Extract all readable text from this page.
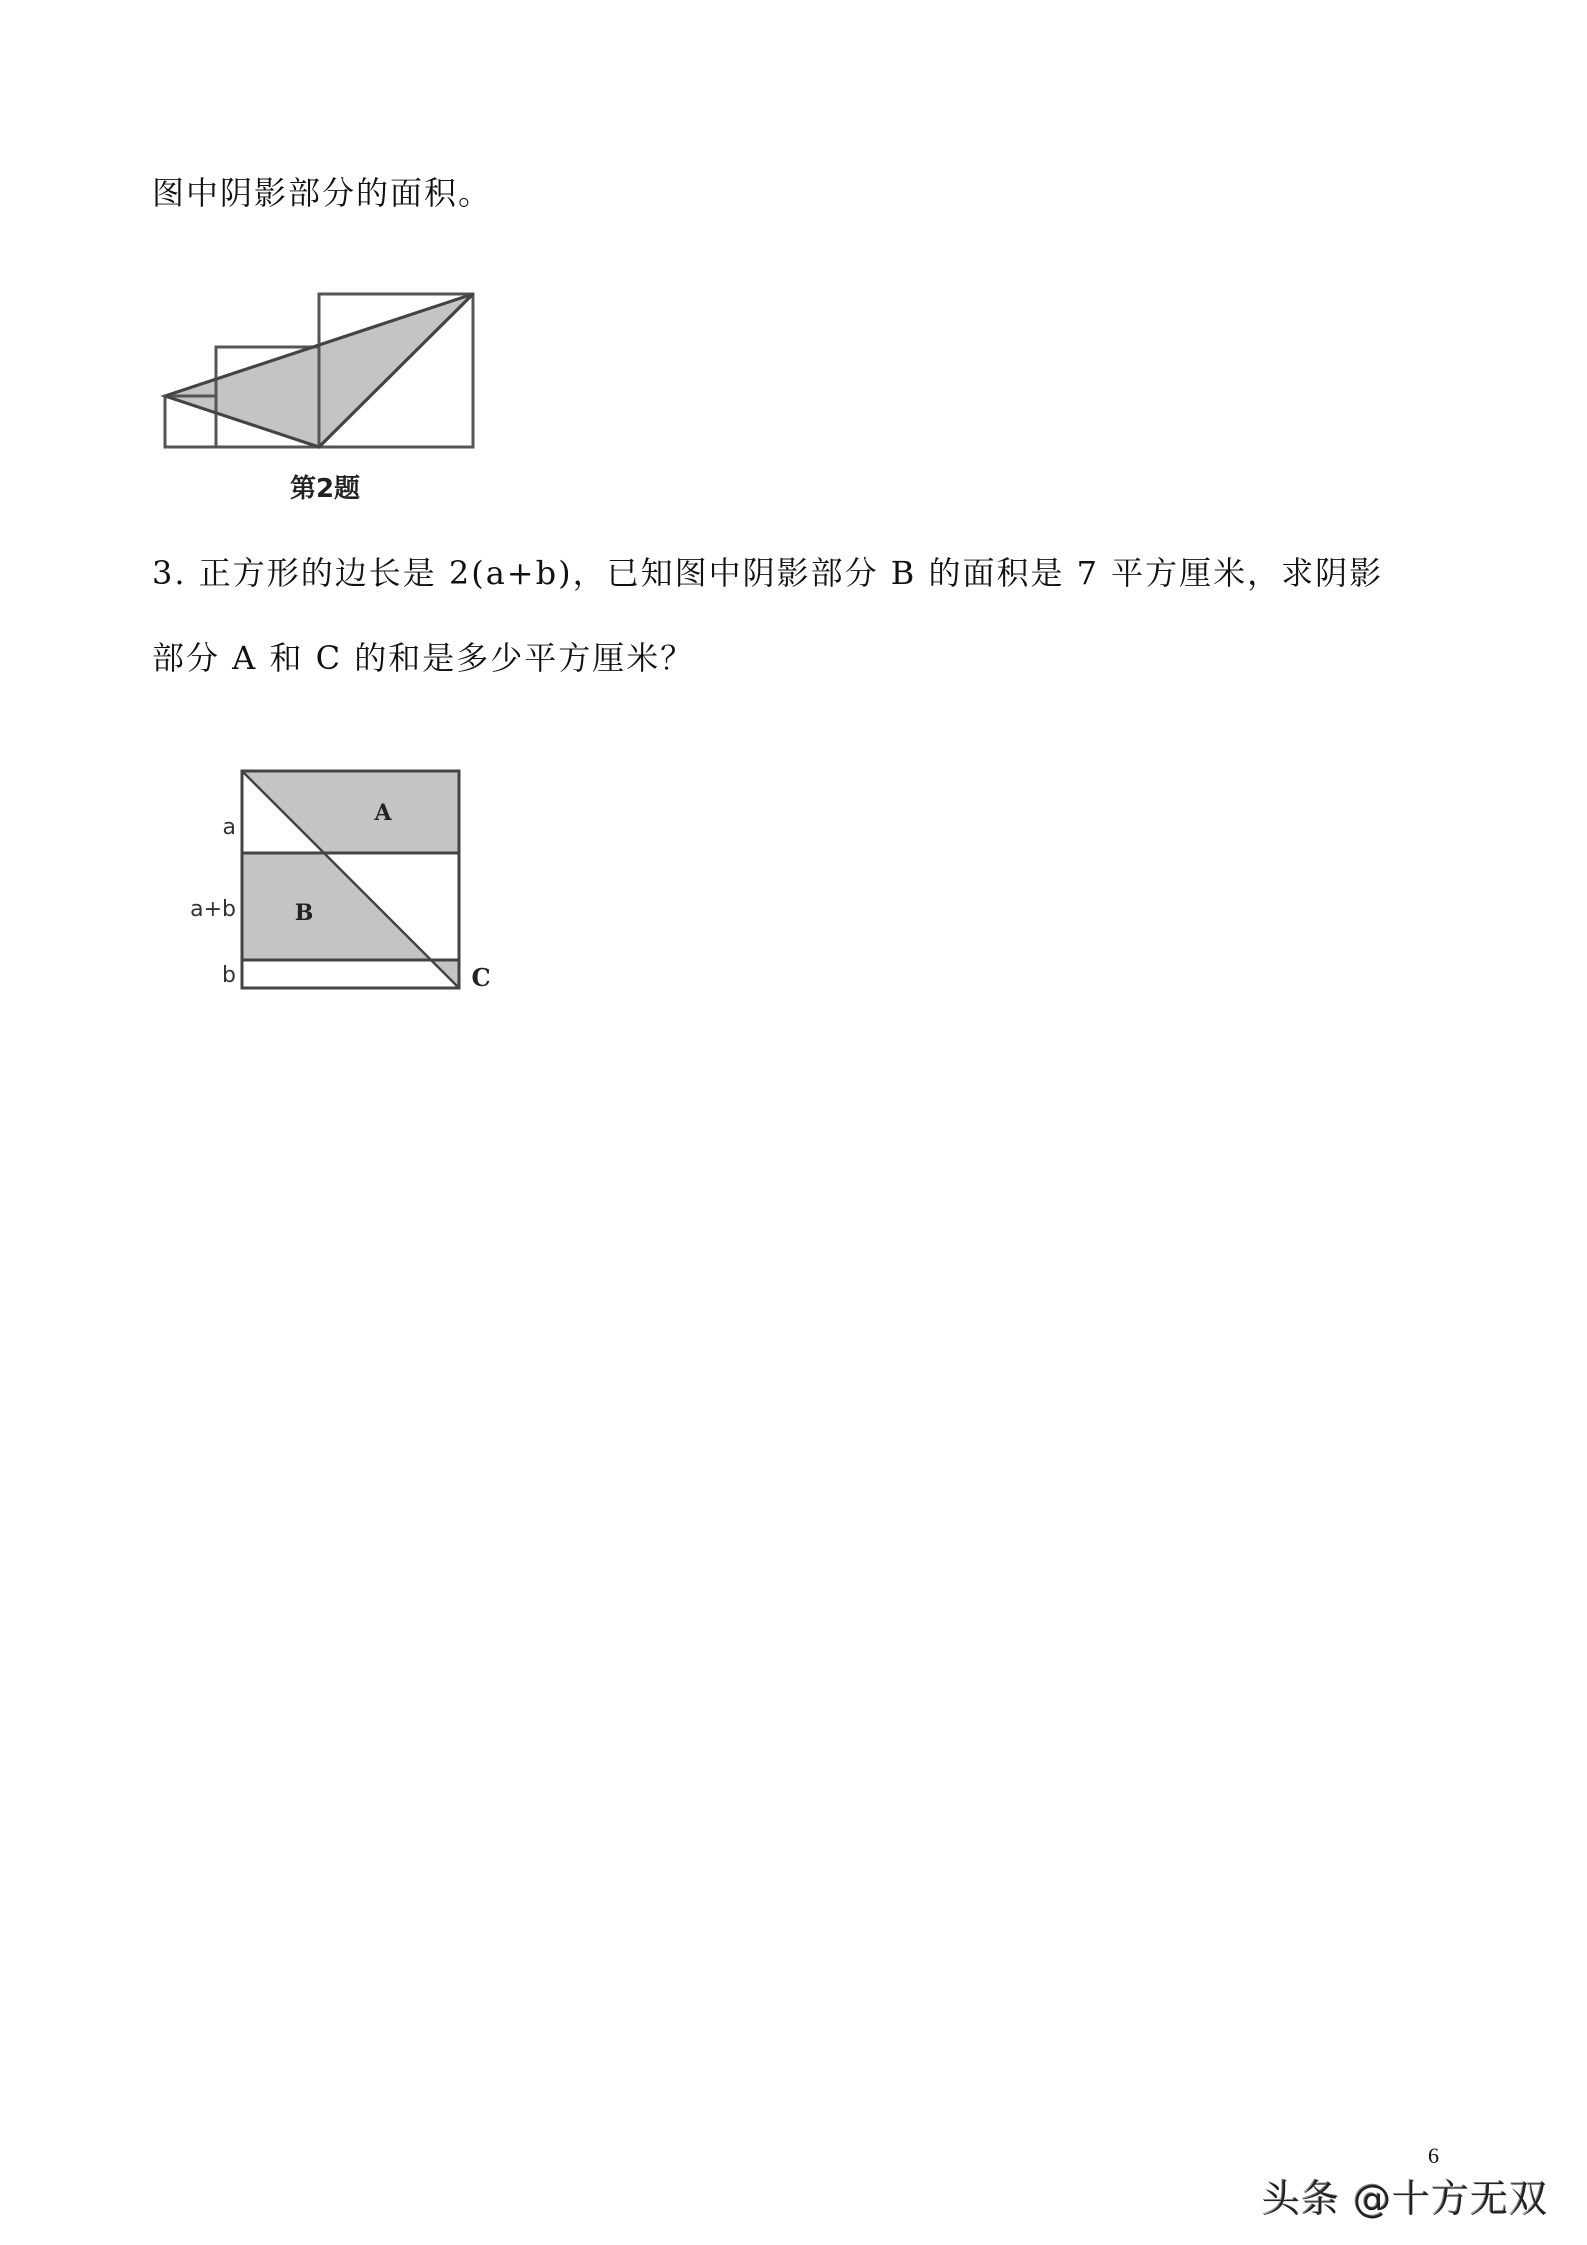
图中阴影部分的面积。
第2题
3. 正方形的边长是 2(a+b)，已知图中阴影部分 B 的面积是 7 平方厘米，求阴影
部分 A 和 C 的和是多少平方厘米？
a
a+b
b
A
B
C
6
头条 @十方无双
